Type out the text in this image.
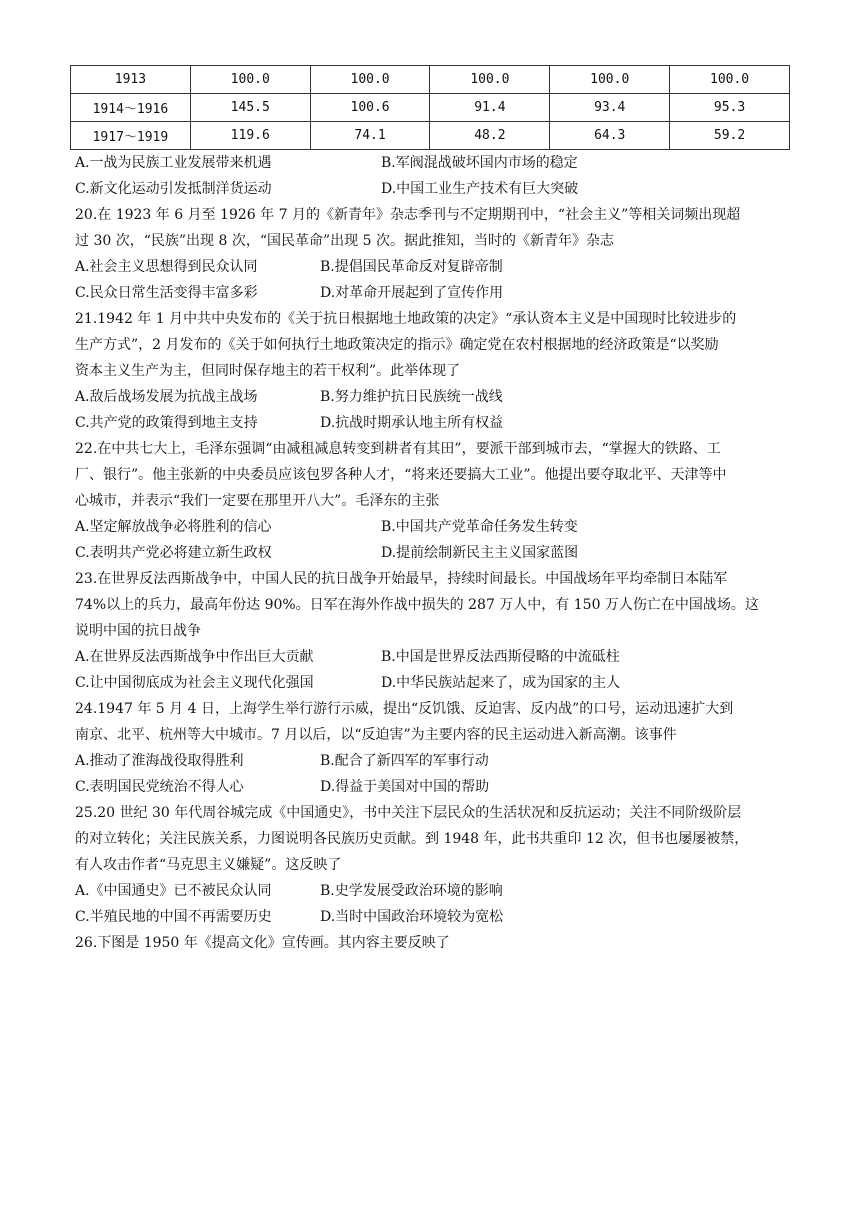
1913	100.0	100.0	100.0	100.0	100.0
1914～1916	145.5	100.6	91.4	93.4	95.3
1917～1919	119.6	74.1	48.2	64.3	59.2
A.一战为民族工业发展带来机遇	B.军阀混战破坏国内市场的稳定
C.新文化运动引发抵制洋货运动	D.中国工业生产技术有巨大突破
20.在 1923 年 6 月至 1926 年 7 月的《新青年》杂志季刊与不定期期刊中，“社会主义”等相关词频出现超
过 30 次，“民族”出现 8 次，“国民革命”出现 5 次。据此推知，当时的《新青年》杂志
A.社会主义思想得到民众认同	B.提倡国民革命反对复辟帝制
C.民众日常生活变得丰富多彩	D.对革命开展起到了宣传作用
21.1942 年 1 月中共中央发布的《关于抗日根据地土地政策的决定》“承认资本主义是中国现时比较进步的
生产方式”，2 月发布的《关于如何执行土地政策决定的指示》确定党在农村根据地的经济政策是“以奖励
资本主义生产为主，但同时保存地主的若干权利”。此举体现了
A.敌后战场发展为抗战主战场	B.努力维护抗日民族统一战线
C.共产党的政策得到地主支持	D.抗战时期承认地主所有权益
22.在中共七大上，毛泽东强调“由减租减息转变到耕者有其田”，要派干部到城市去，“掌握大的铁路、工
厂、银行”。他主张新的中央委员应该包罗各种人才，“将来还要搞大工业”。他提出要夺取北平、天津等中
心城市，并表示“我们一定要在那里开八大”。毛泽东的主张
A.坚定解放战争必将胜利的信心	B.中国共产党革命任务发生转变
C.表明共产党必将建立新生政权	D.提前绘制新民主主义国家蓝图
23.在世界反法西斯战争中，中国人民的抗日战争开始最早，持续时间最长。中国战场年平均牵制日本陆军
74%以上的兵力，最高年份达 90%。日军在海外作战中损失的 287 万人中，有 150 万人伤亡在中国战场。这
说明中国的抗日战争
A.在世界反法西斯战争中作出巨大贡献	B.中国是世界反法西斯侵略的中流砥柱
C.让中国彻底成为社会主义现代化强国	D.中华民族站起来了，成为国家的主人
24.1947 年 5 月 4 日，上海学生举行游行示威，提出“反饥饿、反迫害、反内战”的口号，运动迅速扩大到
南京、北平、杭州等大中城市。7 月以后，以“反迫害”为主要内容的民主运动进入新高潮。该事件
A.推动了淮海战役取得胜利	B.配合了新四军的军事行动
C.表明国民党统治不得人心	D.得益于美国对中国的帮助
25.20 世纪 30 年代周谷城完成《中国通史》，书中关注下层民众的生活状况和反抗运动；关注不同阶级阶层
的对立转化；关注民族关系，力图说明各民族历史贡献。到 1948 年，此书共重印 12 次，但书也屡屡被禁，
有人攻击作者“马克思主义嫌疑”。这反映了
A.《中国通史》已不被民众认同	B.史学发展受政治环境的影响
C.半殖民地的中国不再需要历史	D.当时中国政治环境较为宽松
26.下图是 1950 年《提高文化》宣传画。其内容主要反映了
